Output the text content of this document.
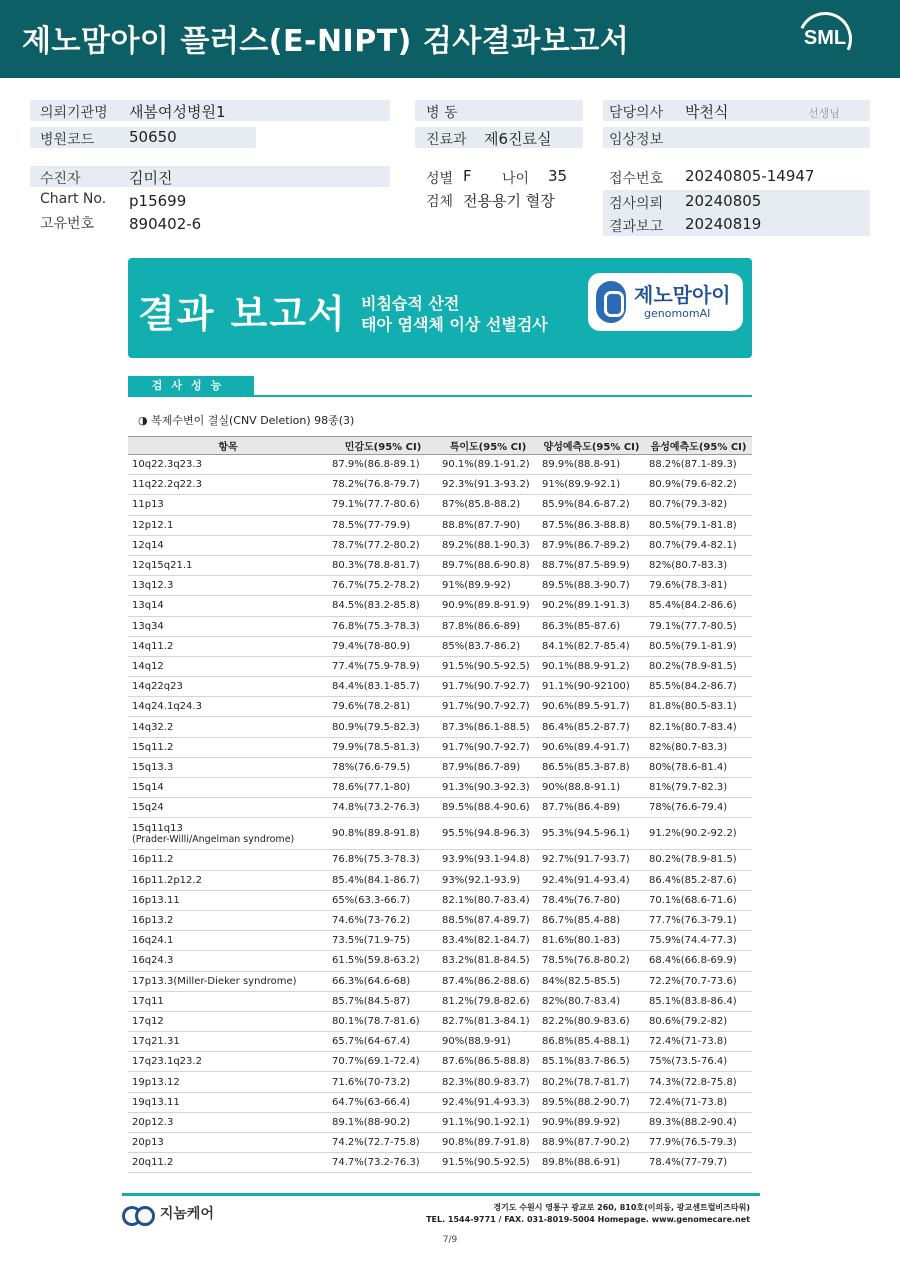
제노맘아이 플러스(E-NIPT) 검사결과보고서	SML
의뢰기관명 새봄여성병원1
병원코드 50650
병 동
진료과 제6진료실
담당의사 박천식	선생님
임상정보
수진자	김미진
Chart No. p15699
고유번호 890402-6
성별 F 나이 35
검체 전용용기 혈장
접수번호 20240805-14947
검사의뢰 20240805
결과보고 20240819
결과 보고서 비침습적 산전
태아 염색체 이상 선별검사
제노맘아이
genomomAI
검사성능
◑ 복제수변이 결실(CNV Deletion) 98종(3)
항목	민감도(95% CI)	특이도(95% CI)	양성예측도(95% CI)	음성예측도(95% CI)
10q22.3q23.3	87.9%(86.8-89.1)	90.1%(89.1-91.2)	89.9%(88.8-91)	88.2%(87.1-89.3)
11q22.2q22.3	78.2%(76.8-79.7)	92.3%(91.3-93.2)	91%(89.9-92.1)	80.9%(79.6-82.2)
11p13	79.1%(77.7-80.6)	87%(85.8-88.2)	85.9%(84.6-87.2)	80.7%(79.3-82)
12p12.1	78.5%(77-79.9)	88.8%(87.7-90)	87.5%(86.3-88.8)	80.5%(79.1-81.8)
12q14	78.7%(77.2-80.2)	89.2%(88.1-90.3)	87.9%(86.7-89.2)	80.7%(79.4-82.1)
12q15q21.1	80.3%(78.8-81.7)	89.7%(88.6-90.8)	88.7%(87.5-89.9)	82%(80.7-83.3)
13q12.3	76.7%(75.2-78.2)	91%(89.9-92)	89.5%(88.3-90.7)	79.6%(78.3-81)
13q14	84.5%(83.2-85.8)	90.9%(89.8-91.9)	90.2%(89.1-91.3)	85.4%(84.2-86.6)
13q34	76.8%(75.3-78.3)	87.8%(86.6-89)	86.3%(85-87.6)	79.1%(77.7-80.5)
14q11.2	79.4%(78-80.9)	85%(83.7-86.2)	84.1%(82.7-85.4)	80.5%(79.1-81.9)
14q12	77.4%(75.9-78.9)	91.5%(90.5-92.5)	90.1%(88.9-91.2)	80.2%(78.9-81.5)
14q22q23	84.4%(83.1-85.7)	91.7%(90.7-92.7)	91.1%(90-92100)	85.5%(84.2-86.7)
14q24.1q24.3	79.6%(78.2-81)	91.7%(90.7-92.7)	90.6%(89.5-91.7)	81.8%(80.5-83.1)
14q32.2	80.9%(79.5-82.3)	87.3%(86.1-88.5)	86.4%(85.2-87.7)	82.1%(80.7-83.4)
15q11.2	79.9%(78.5-81.3)	91.7%(90.7-92.7)	90.6%(89.4-91.7)	82%(80.7-83.3)
15q13.3	78%(76.6-79.5)	87.9%(86.7-89)	86.5%(85.3-87.8)	80%(78.6-81.4)
15q14	78.6%(77.1-80)	91.3%(90.3-92.3)	90%(88.8-91.1)	81%(79.7-82.3)
15q24	74.8%(73.2-76.3)	89.5%(88.4-90.6)	87.7%(86.4-89)	78%(76.6-79.4)
15q11q13
(Prader-Willi/Angelman syndrome)	90.8%(89.8-91.8)	95.5%(94.8-96.3)	95.3%(94.5-96.1)	91.2%(90.2-92.2)
16p11.2	76.8%(75.3-78.3)	93.9%(93.1-94.8)	92.7%(91.7-93.7)	80.2%(78.9-81.5)
16p11.2p12.2	85.4%(84.1-86.7)	93%(92.1-93.9)	92.4%(91.4-93.4)	86.4%(85.2-87.6)
16p13.11	65%(63.3-66.7)	82.1%(80.7-83.4)	78.4%(76.7-80)	70.1%(68.6-71.6)
16p13.2	74.6%(73-76.2)	88.5%(87.4-89.7)	86.7%(85.4-88)	77.7%(76.3-79.1)
16q24.1	73.5%(71.9-75)	83.4%(82.1-84.7)	81.6%(80.1-83)	75.9%(74.4-77.3)
16q24.3	61.5%(59.8-63.2)	83.2%(81.8-84.5)	78.5%(76.8-80.2)	68.4%(66.8-69.9)
17p13.3(Miller-Dieker syndrome)	66.3%(64.6-68)	87.4%(86.2-88.6)	84%(82.5-85.5)	72.2%(70.7-73.6)
17q11	85.7%(84.5-87)	81.2%(79.8-82.6)	82%(80.7-83.4)	85.1%(83.8-86.4)
17q12	80.1%(78.7-81.6)	82.7%(81.3-84.1)	82.2%(80.9-83.6)	80.6%(79.2-82)
17q21.31	65.7%(64-67.4)	90%(88.9-91)	86.8%(85.4-88.1)	72.4%(71-73.8)
17q23.1q23.2	70.7%(69.1-72.4)	87.6%(86.5-88.8)	85.1%(83.7-86.5)	75%(73.5-76.4)
19p13.12	71.6%(70-73.2)	82.3%(80.9-83.7)	80.2%(78.7-81.7)	74.3%(72.8-75.8)
19q13.11	64.7%(63-66.4)	92.4%(91.4-93.3)	89.5%(88.2-90.7)	72.4%(71-73.8)
20p12.3	89.1%(88-90.2)	91.1%(90.1-92.1)	90.9%(89.9-92)	89.3%(88.2-90.4)
20p13	74.2%(72.7-75.8)	90.8%(89.7-91.8)	88.9%(87.7-90.2)	77.9%(76.5-79.3)
20q11.2	74.7%(73.2-76.3)	91.5%(90.5-92.5)	89.8%(88.6-91)	78.4%(77-79.7)
지놈케어	경기도 수원시 영통구 광교로 260, 810호(이의동, 광교센트럴비즈타워)
TEL. 1544-9771 / FAX. 031-8019-5004 Homepage. www.genomecare.net
7/9
